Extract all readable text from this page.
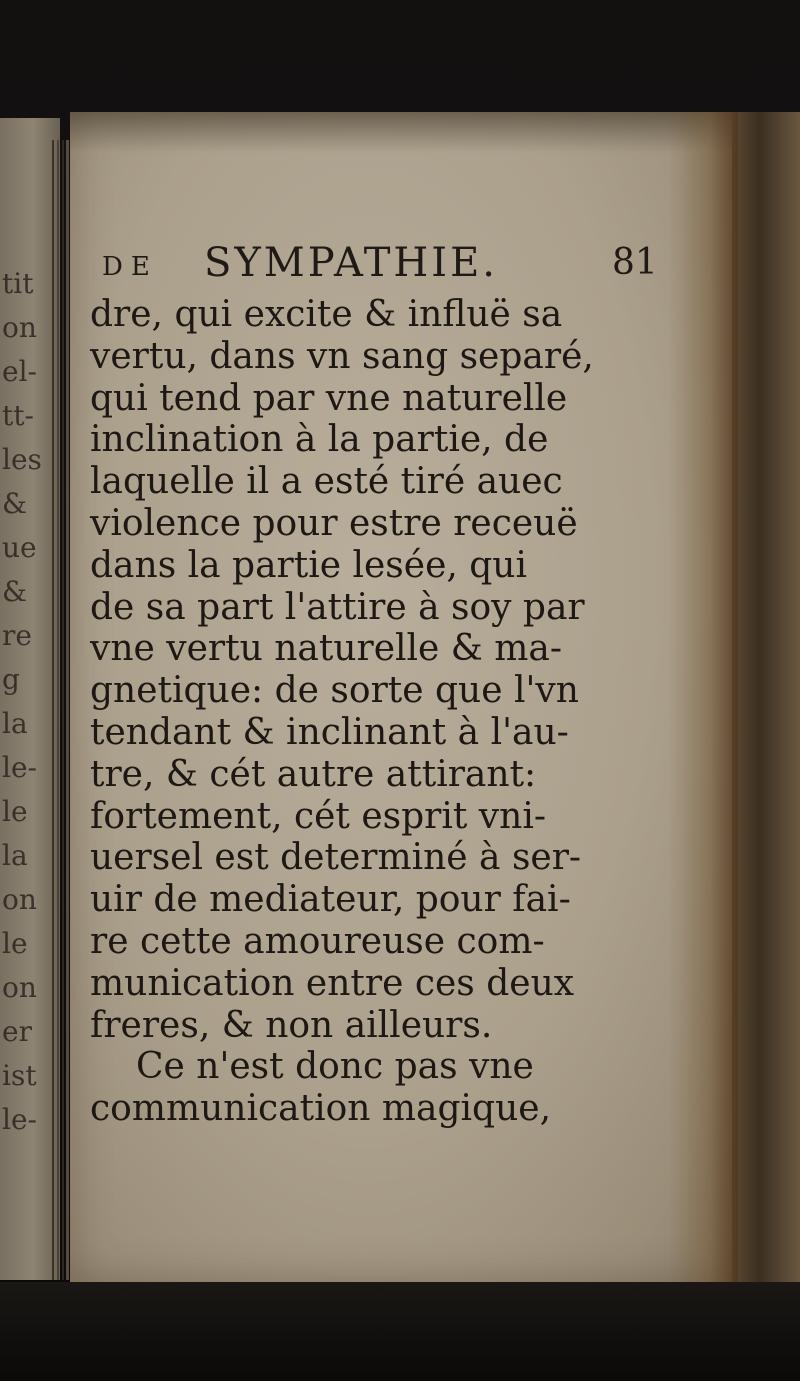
tit
on
el-
tt-
les
&
ue
&
re
g
la
le-
le
la
on
le
on
er
ist
le-
DE SYMPATHIE.	81
dre, qui excite & influë sa
vertu, dans vn sang separé,
qui tend par vne naturelle
inclination à la partie, de
laquelle il a esté tiré auec
violence pour estre receuë
dans la partie lesée, qui
de sa part l'attire à soy par
vne vertu naturelle & ma-
gnetique: de sorte que l'vn
tendant & inclinant à l'au-
tre, & cét autre attirant:
fortement, cét esprit vni-
uersel est determiné à ser-
uir de mediateur, pour fai-
re cette amoureuse com-
munication entre ces deux
freres, & non ailleurs.
Ce n'est donc pas vne
communication magique,
